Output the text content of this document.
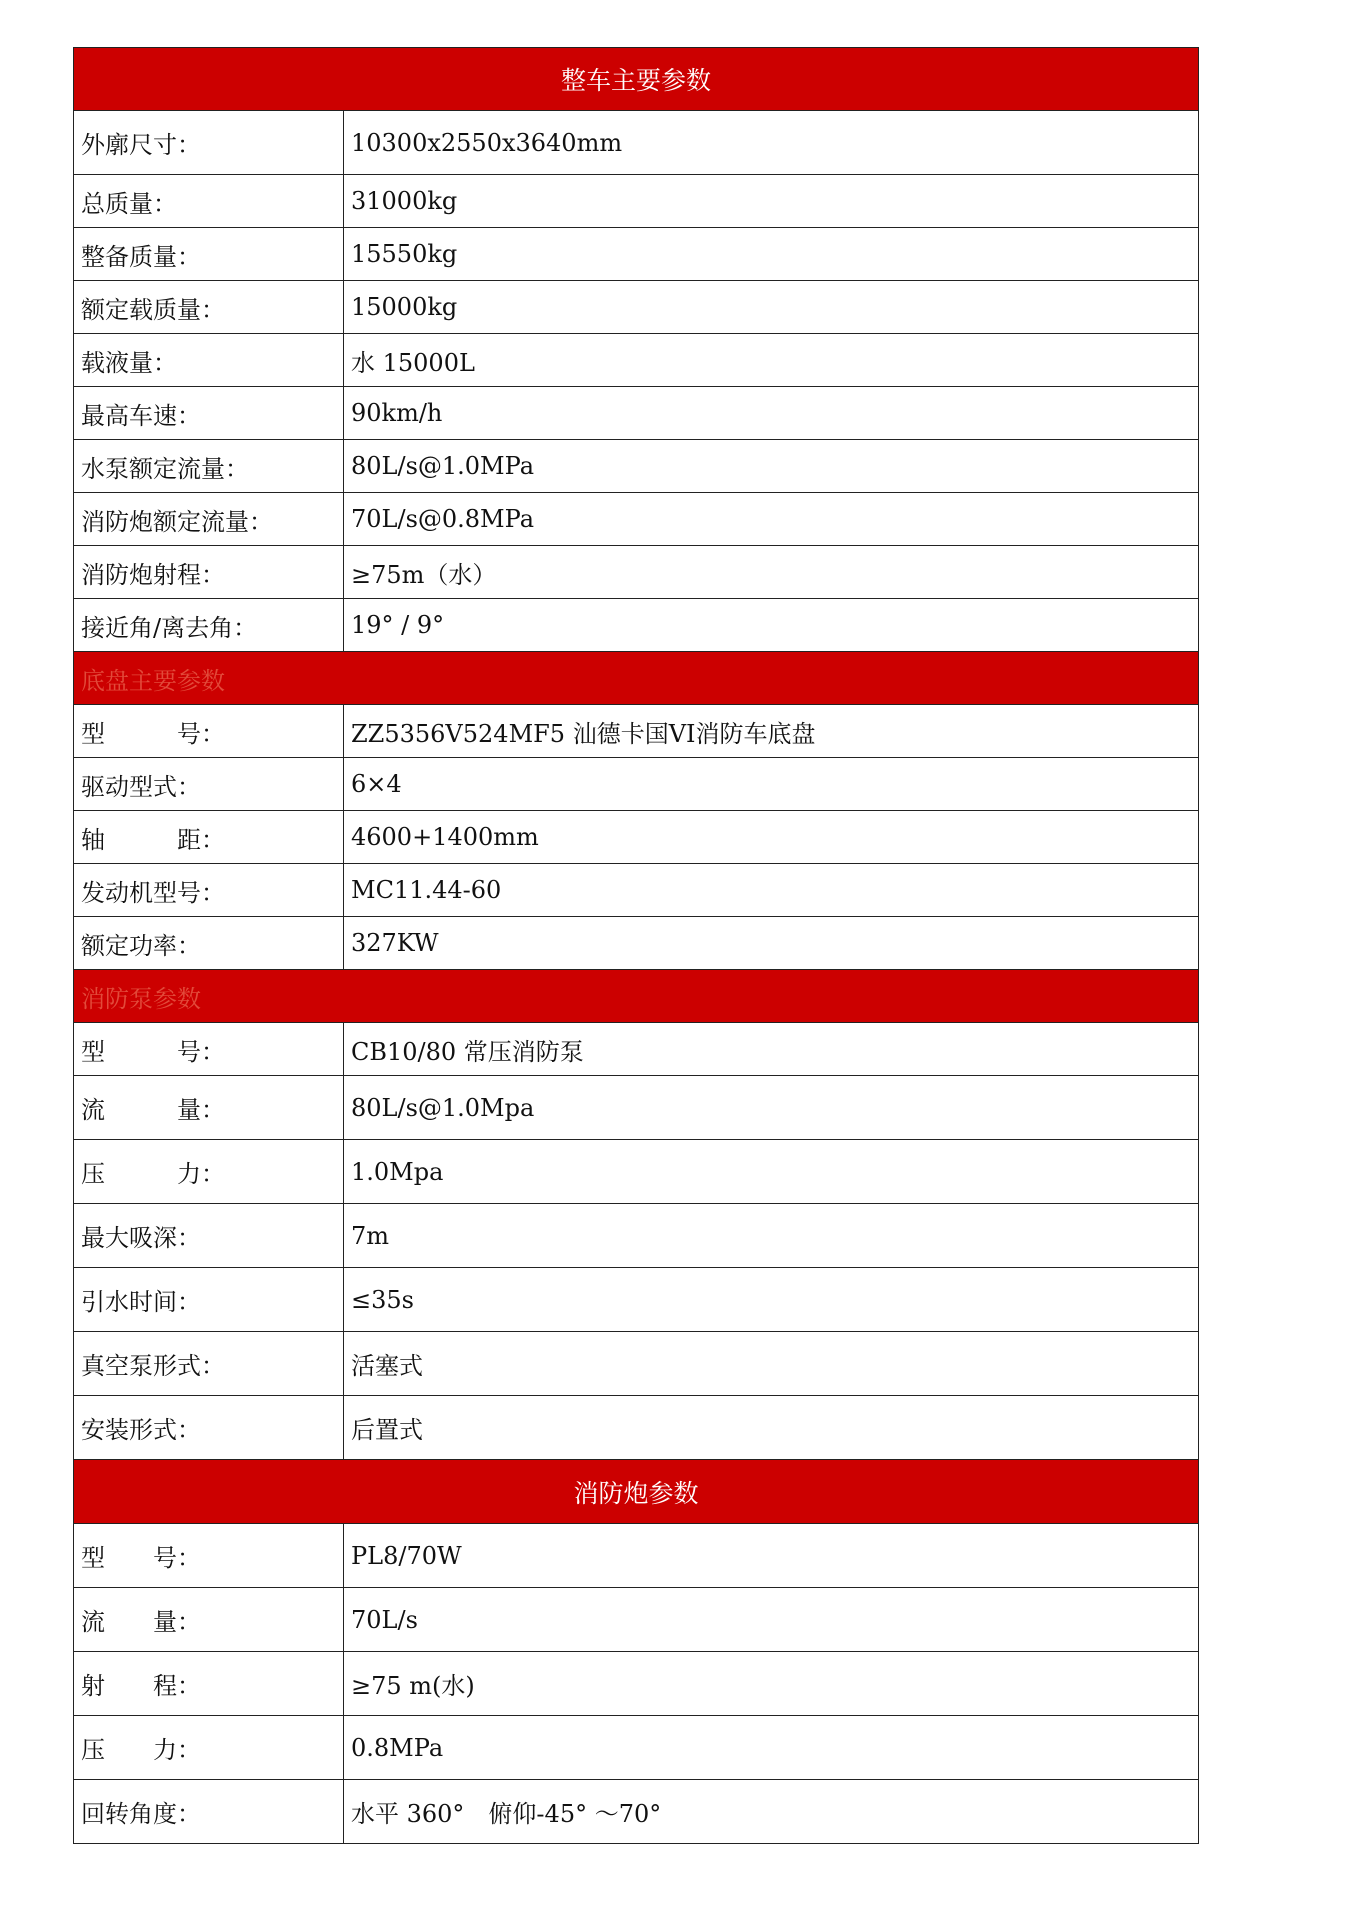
整车主要参数	
外廓尺寸：	10300x2550x3640mm
总质量：	31000kg
整备质量：	15550kg
额定载质量：	15000kg
载液量：	水 15000L
最高车速：	90km/h
水泵额定流量：	80L/s@1.0MPa
消防炮额定流量：	70L/s@0.8MPa
消防炮射程：	≥75m（水）
接近角/离去角：	19° / 9°
底盘主要参数	
型　　　号：	ZZ5356V524MF5 汕德卡国VI消防车底盘
驱动型式：	6×4
轴　　　距：	4600+1400mm
发动机型号：	MC11.44-60
额定功率：	327KW
消防泵参数	
型　　　号：	CB10/80 常压消防泵
流　　　量：	80L/s@1.0Mpa
压　　　力：	1.0Mpa
最大吸深：	7m
引水时间：	≤35s
真空泵形式：	活塞式
安装形式：	后置式
消防炮参数	
型　　号：	PL8/70W
流　　量：	70L/s
射　　程：	≥75 m(水)
压　　力：	0.8MPa
回转角度：	水平 360°　俯仰-45° ～70°
